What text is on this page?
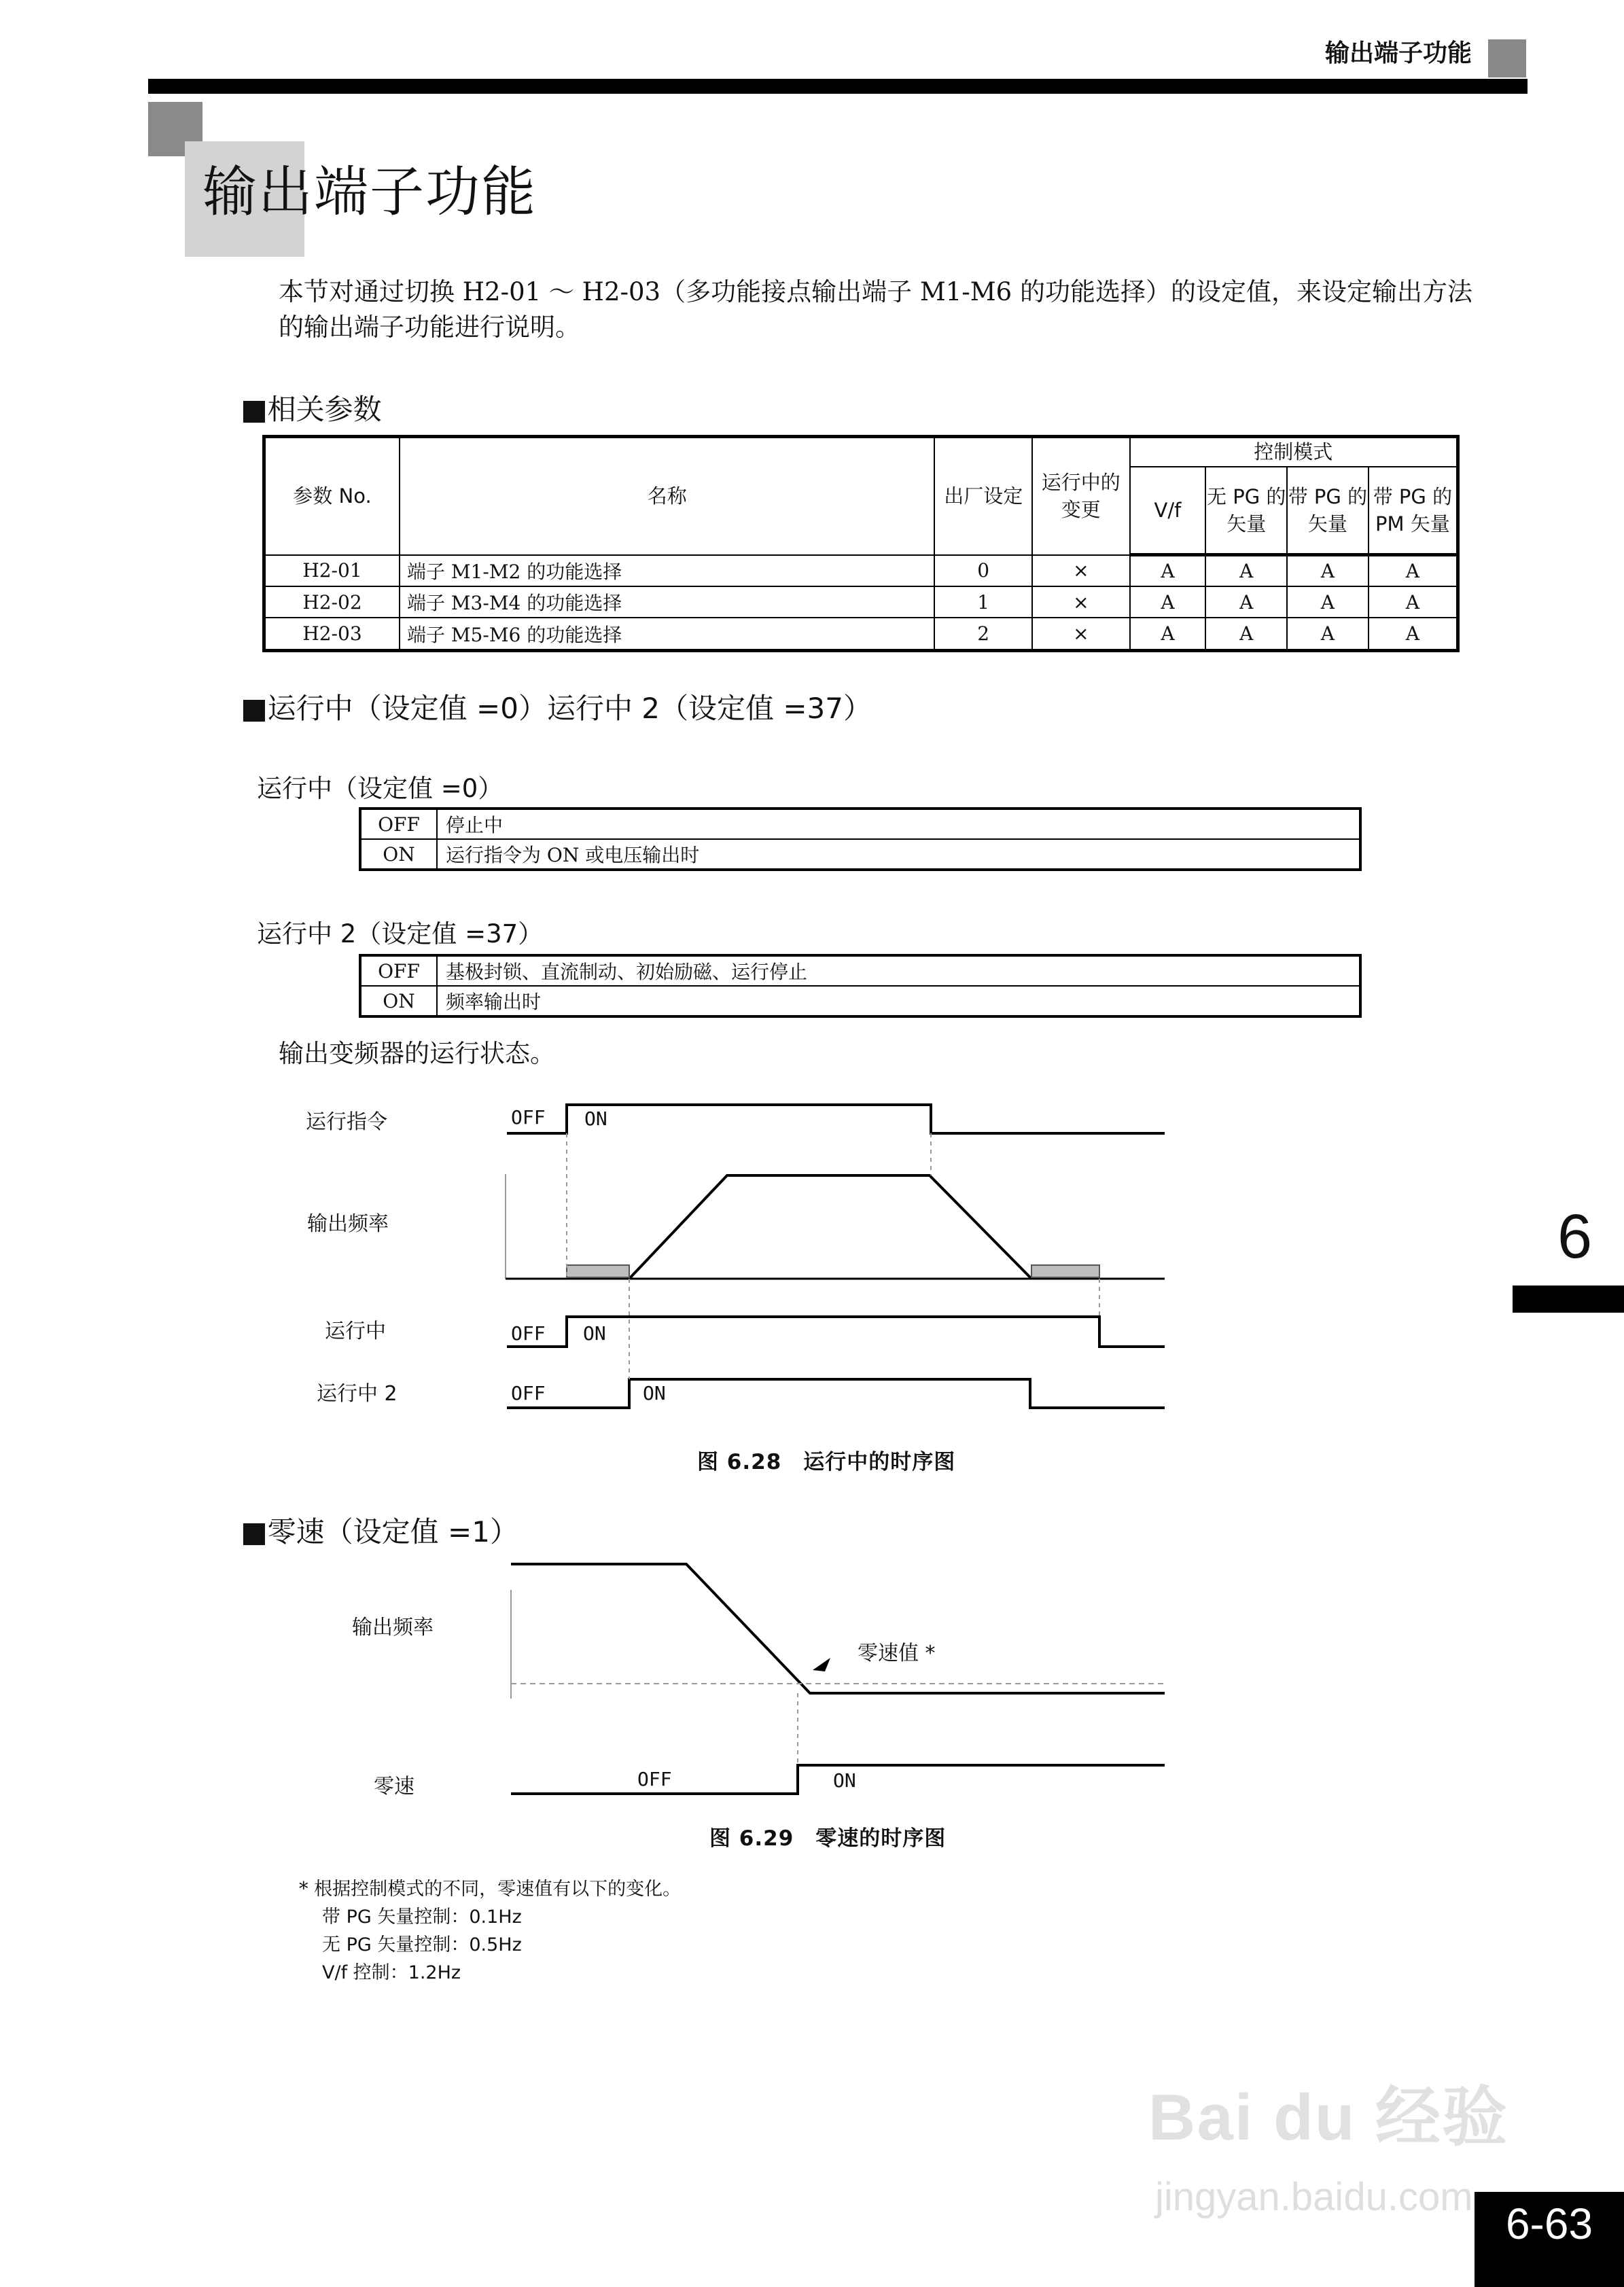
输出端子功能
输出端子功能
本节对通过切换 H2-01 ～ H2-03（多功能接点输出端子 M1-M6 的功能选择）的设定值，来设定输出方法的输出端子功能进行说明。
■相关参数
参数 No.	名称	出厂设定	运行中的变更	控制模式			
				V/f	无 PG 的矢量	带 PG 的矢量	带 PG 的 PM 矢量
H2-01	端子 M1-M2 的功能选择	0	×	A	A	A	A
H2-02	端子 M3-M4 的功能选择	1	×	A	A	A	A
H2-03	端子 M5-M6 的功能选择	2	×	A	A	A	A
■运行中（设定值 =0）运行中 2（设定值 =37）
运行中（设定值 =0）
OFF	停止中
ON	运行指令为 ON 或电压输出时
运行中 2（设定值 =37）
OFF	基极封锁、直流制动、初始励磁、运行停止
ON	频率输出时
输出变频器的运行状态。
运行指令
输出频率
运行中
运行中 2
OFF ON
OFF ON
OFF	ON
图 6.28　运行中的时序图
■零速（设定值 =1）
输出频率
零速
零速值 *
OFF	ON
图 6.29　零速的时序图
* 根据控制模式的不同，零速值有以下的变化。
带 PG 矢量控制：0.1Hz
无 PG 矢量控制：0.5Hz
V/f 控制：1.2Hz
6
Bai du 经验
jingyan.baidu.com
6-63
